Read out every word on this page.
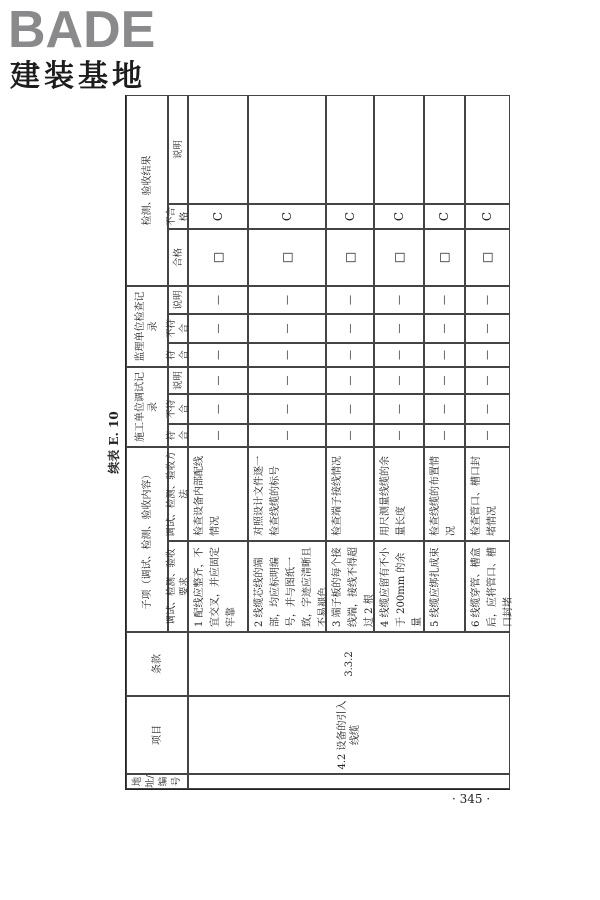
BADE
建装基地
续表 E. 10
地址/编号
项目
条款
子项（调试、检测、验收内容）	调试、检测、验收要求
调试、检测、验收方法
施工单位调试记录
监理单位检查记录
检测、验收结果
符合
不符合
说明
符合
不符合
说明
合格
不合格
说明
4.2 设备的引入线缆
3.3.2
1 配线应整齐，不宜交叉，并应固定牢靠
检查设备内部配线情况
—
—
—
—
—
—
□
C
2 线缆芯线的端部，均应标明编号，并与图纸一致，字迹应清晰且不易褪色
对照设计文件逐一检查线缆的标号
—
—
—
—
—
—
□
C
3 端子板的每个接线端，接线不得超过 2 根
检查端子接线情况
—
—
—
—
—
—
□
C
4 线缆应留有不小于 200mm 的余量
用尺测量线缆的余量长度
—
—
—
—
—
—
□
C
5 线缆应绑扎成束
检查线缆的布置情况
—
—
—
—
—
—
□
C
6 线缆穿管、槽盒后，应将管口、槽口封堵
检查管口、槽口封堵情况
—
—
—
—
—
—
□
C
· 345 ·
